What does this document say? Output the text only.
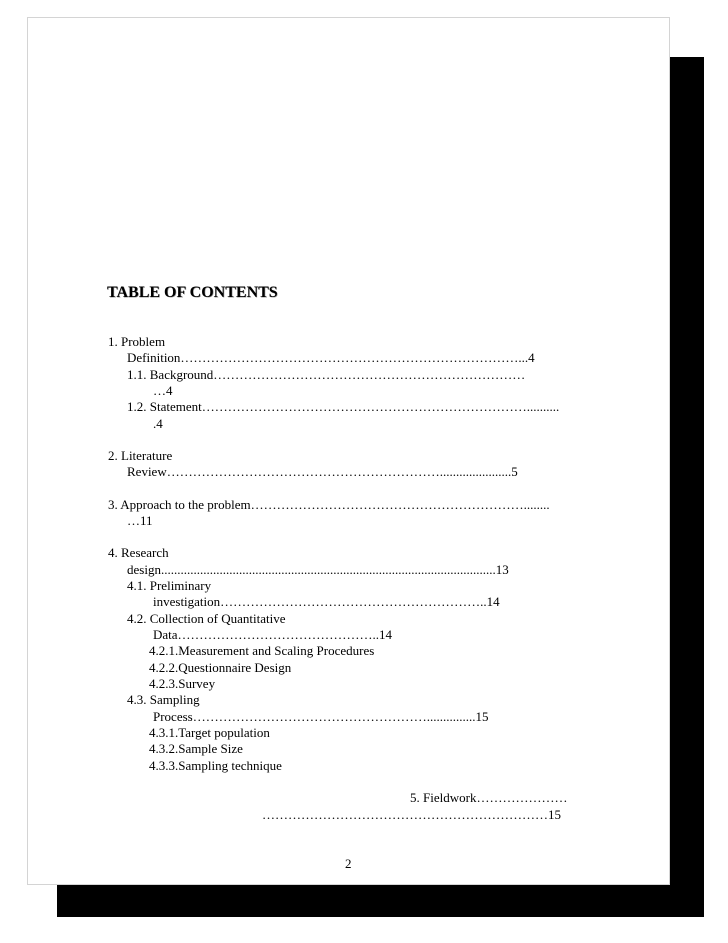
TABLE OF CONTENTS
1. Problem
Definition……………………………………………………………………...4
1.1. Background………………………………………………………………
…4
1.2. Statement…………………………………………………………………..........
.4
2. Literature
Review………………………………………………………......................5
3. Approach to the problem………………………………………………………........
…11
4. Research
design.......................................................................................................13
4.1. Preliminary
investigation……………………………………………………..14
4.2. Collection of Quantitative
Data………………………………………..14
4.2.1.Measurement and Scaling Procedures
4.2.2.Questionnaire Design
4.2.3.Survey
4.3. Sampling
Process………………………………………………...............15
4.3.1.Target population
4.3.2.Sample Size
4.3.3.Sampling technique
5. Fieldwork…………………
…………………………………………………………15
2
